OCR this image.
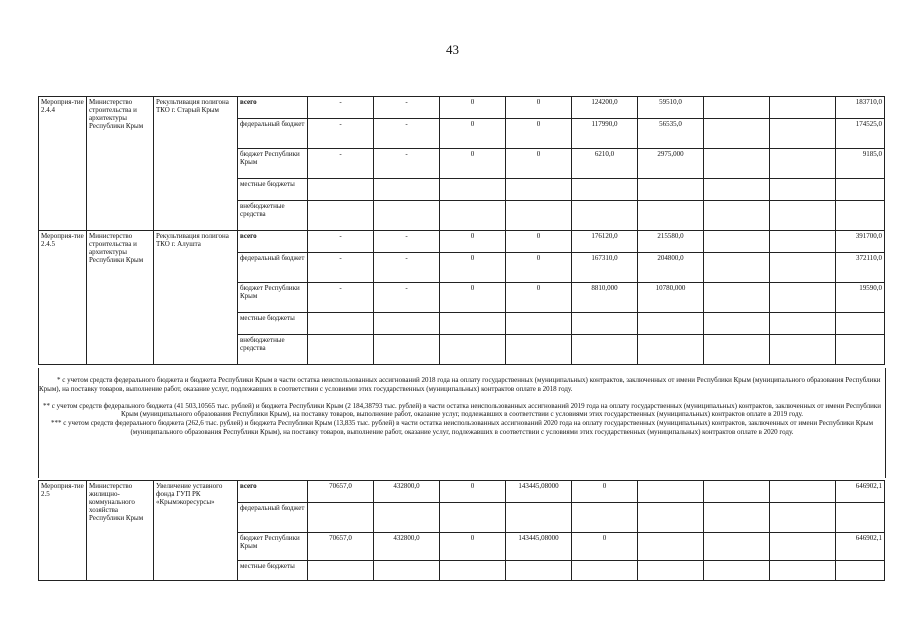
43
Мероприя-тие 2.4.4	Министерство строительства и архитектуры Республики Крым	Рекультивация полигона ТКО г. Старый Крым	всего	-	-	0	0	124200,0	59510,0			183710,0
			федеральный бюджет	-	-	0	0	117990,0	56535,0			174525,0
			бюджет Республики Крым	-	-	0	0	6210,0	2975,000			9185,0
			местные бюджеты									
			внебюджетные средства									
Мероприя-тие 2.4.5	Министерство строительства и архитектуры Республики Крым	Рекультивация полигона ТКО г. Алушта	всего	-	-	0	0	176120,0	215580,0			391700,0
			федеральный бюджет	-	-	0	0	167310,0	204800,0			372110,0
			бюджет Республики Крым	-	-	0	0	8810,000	10780,000			19590,0
			местные бюджеты									
			внебюджетные средства									

* с учетом средств федерального бюджета и бюджета Республики Крым в части остатка неиспользованных ассигнований 2018 года на оплату государственных (муниципальных) контрактов, заключенных от имени Республики Крым (муниципального образования Республики Крым), на поставку товаров, выполнение работ, оказание услуг, подлежавших в соответствии с условиями этих государственных (муниципальных) контрактов оплате в 2018 году.

** с учетом средств федерального бюджета (41 503,10565 тыс. рублей) и бюджета Республики Крым (2 184,38793 тыс. рублей) в части остатка неиспользованных ассигнований 2019 года на оплату государственных (муниципальных) контрактов, заключенных от имени Республики Крым (муниципального образования Республики Крым), на поставку товаров, выполнение работ, оказание услуг, подлежавших в соответствии с условиями этих государственных (муниципальных) контрактов оплате в 2019 году.

*** с учетом средств федерального бюджета (262,6 тыс. рублей) и бюджета Республики Крым (13,835 тыс. рублей) в части остатка неиспользованных ассигнований 2020 года на оплату государственных (муниципальных) контрактов, заключенных от имени Республики Крым (муниципального образования Республики Крым), на поставку товаров, выполнение работ, оказание услуг, подлежавших в соответствии с условиями этих государственных (муниципальных) контрактов оплате в 2020 году.

Мероприя-тие 2.5	Министерство жилищно-коммунального хозяйства Республики Крым	Увеличение уставного фонда ГУП РК «Крымэкоресурсы»	всего	70657,0	432800,0	0	143445,08000	0				646902,1
			федеральный бюджет									
			бюджет Республики Крым	70657,0	432800,0	0	143445,08000	0				646902,1
			местные бюджеты									
